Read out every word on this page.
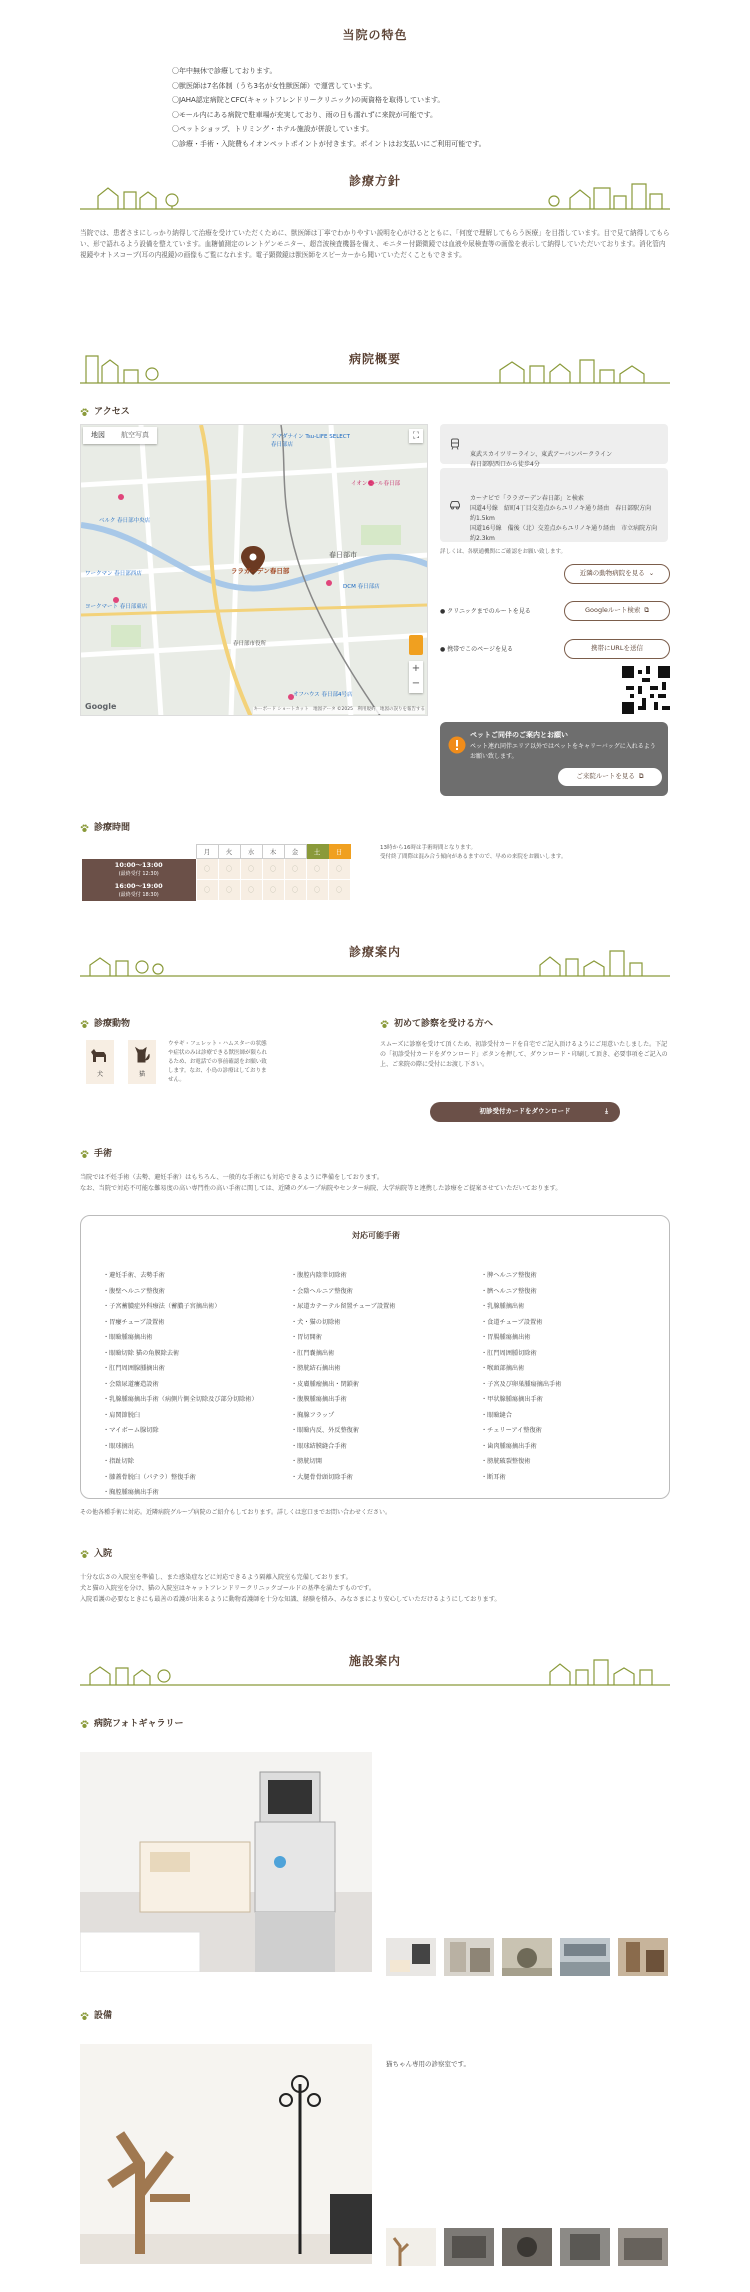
当院の特色
〇年中無休で診療しております。
〇獣医師は7名体制（うち3名が女性獣医師）で運営しています。
〇JAHA認定病院とCFC(キャットフレンドリークリニック)の両資格を取得しています。
〇モール内にある病院で駐車場が充実しており、雨の日も濡れずに来院が可能です。
〇ペットショップ、トリミング・ホテル施設が併設しています。
〇診療・手術・入院費もイオンペットポイントが付きます。ポイントはお支払いにご利用可能です。
診療方針
当院では、患者さまにしっかり納得して治療を受けていただくために、獣医師は丁寧でわかりやすい説明を心がけるとともに、「何度で理解してもらう医療」を目指しています。目で見て納得してもらい、形で語れるよう設備を整えています。血糖値測定のレントゲンモニター、超音波検査機器を備え、モニター付顕微鏡では血液や尿検査等の画像を表示して納得していただいております。消化管内視鏡やオトスコープ(耳の内視鏡)の画像もご覧になれます。電子顕微鏡は獣医師をスピーカーから聞いていただくこともできます。
病院概要
アクセス
地図	航空写真	⛶
ララガーデン春日部
春日部市
イオンモール春日部
アマダナイン Tsu-LIFE SELECT 春日部店
ベルク 春日部中央店
春日部市役所
DCM 春日部店
オフハウス 春日部4号店
ワークマン 春日部西店
ヨークマート 春日部東店
+
−
Google	キーボード ショートカット　地図データ ©2025　利用規約　地図の誤りを報告する

東武スカイツリーライン、東武アーバンパークライン
春日部駅西口から徒歩4分

カーナビで「ララガーデン春日部」と検索
国道4号線　紹町4丁目交差点からユリノキ通り経由　春日部駅方向　約1.5km
国道16号線　備後（北）交差点からユリノキ通り経由　市立病院方向　約2.3km

詳しくは、各駅通機関にご確認をお願い致します。
近隣の動物病院を見る ⌄
● クリニックまでのルートを見る	Googleルート検索 ⧉
● 携帯でこのページを見る	携帯にURLを送信
ペットご同伴のご案内とお願い
ペット連れ同伴エリア以外ではペットをキャリーバッグに入れるようお願い致します。
ご来院ルートを見る ⧉
診療時間
	月	火	水	木	金	土	日
10:00〜13:00
(最終受付 12:30)	〇	〇	〇	〇	〇	〇	〇
16:00〜19:00
(最終受付 18:30)	〇	〇	〇	〇	〇	〇	〇
13時から16時は手術時間となります。
受付終了間際は混み合う傾向があるますので、早めの来院をお願いします。
診療案内
診療動物
犬	猫
ウサギ・フェレット・ハムスターの状態や症状のみは診療できる獣医師が限られるため、お電話での事前確認をお願い致します。なお、小鳥の診療はしておりません。
初めて診察を受ける方へ
スムーズに診察を受けて頂くため、初診受付カードを自宅でご記入頂けるようにご用意いたしました。下記の「初診受付カードをダウンロード」ボタンを押して、ダウンロード・印刷して頂き、必要事項をご記入の上、ご来院の際に受付にお渡し下さい。
初診受付カードをダウンロード	⤓
手術
当院では不妊手術（去勢、避妊手術）はもちろん、一般的な手術にも対応できるように準備をしております。
なお、当院で対応不可能な難易度の高い専門性の高い手術に関しては、近隣のグループ病院やセンター病院、大学病院等と連携した診療をご提案させていただいております。
対応可能手術
・避妊手術、去勢手術
・腹壁ヘルニア整復術
・子宮蓄膿症外科療法（蓄膿子宮摘出術）
・胃瘻チューブ設置術
・眼瞼腫瘍摘出術
・眼瞼切除 猫の角膜除去術
・肛門周囲腺腫摘出術
・会陰尿道瘻造設術
・乳腺腫瘍摘出手術（病側片側全切除及び部分切除術）
・肩関節脱臼
・マイボーム腺切除
・眼球摘出
・指趾切除
・膝蓋骨脱臼（パテラ）整復手術
・胸腔腫瘍摘出手術
・腹腔内陰睾切除術
・会陰ヘルニア整復術
・尿道カテーテル留置チューブ設置術
・犬・猫の切除術
・胃切開術
・肛門嚢摘出術
・膀胱結石摘出術
・皮膚腫瘤摘出・閉鎖術
・腹膜腫瘍摘出手術
・胸腺フラップ
・眼瞼内反、外反整復術
・眼球結膜縫合手術
・膀胱切開
・大腿骨骨頭切除手術
・脾ヘルニア整復術
・臍ヘルニア整復術
・乳腺腫摘出術
・食道チューブ設置術
・胃腸腫瘍摘出術
・肛門周囲腫切除術
・喉頭部摘出術
・子宮及び卵巣腫瘍摘出手術
・甲状腺腫瘍摘出手術
・眼瞼縫合
・チェリーアイ整復術
・歯肉腫瘍摘出手術
・膀胱破裂整復術
・断耳術
その他各種手術に対応。近隣病院グループ病院のご紹介もしております。詳しくは窓口までお問い合わせください。
入院
十分な広さの入院室を準備し、また感染症などに対応できるよう隔離入院室も完備しております。
犬と猫の入院室を分け、猫の入院室はキャットフレンドリークリニックゴールドの基準を満たすものです。
入院看護の必要なときにも最善の看護が出来るように動物看護師を十分な知識、経験を積み、みなさまにより安心していただけるようにしております。
施設案内
病院フォトギャラリー
設備
猫ちゃん専用の診察室です。
